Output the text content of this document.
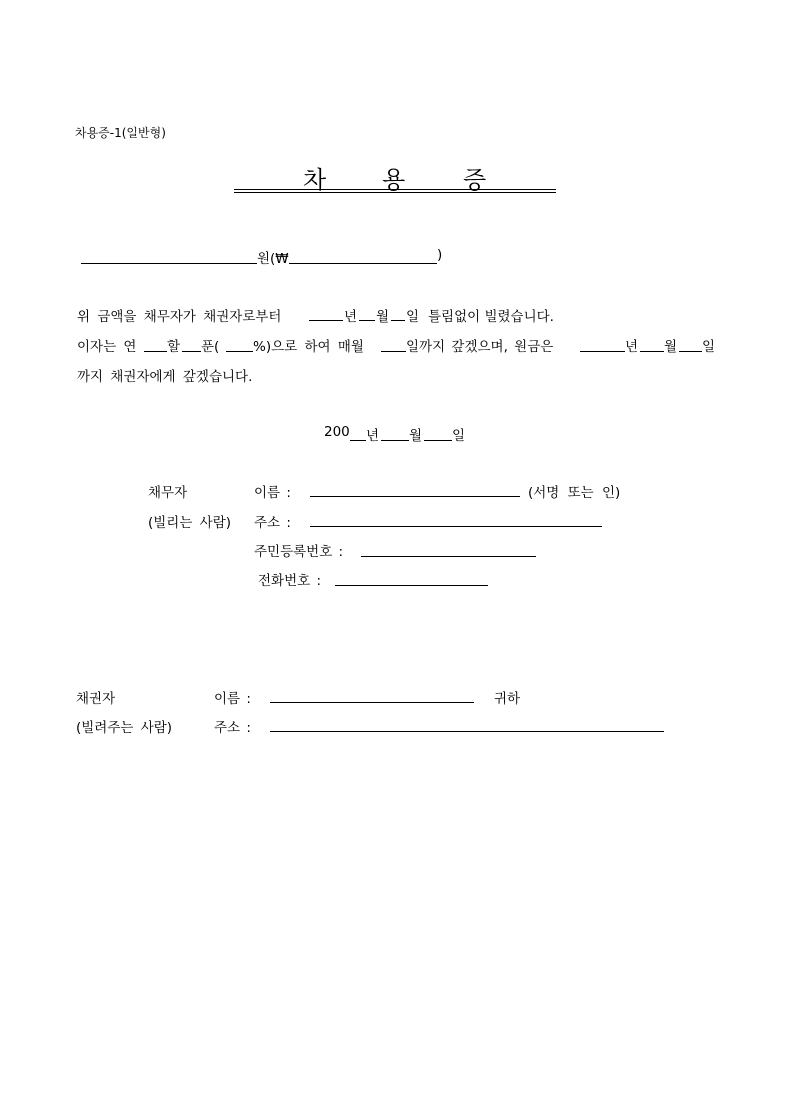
차용증-1(일반형)
차 용 증
원(₩	)
위 금액을 채무자가 채권자로부터	년 월 일 틀림없이 빌렸습니다.
이자는 연 할 푼( %)으로 하여 매월	일까지 갚겠으며, 원금은	년 월 일
까지 채권자에게 갚겠습니다.
200 년 월 일
채무자	이름 :	(서명 또는 인)
(빌리는 사람) 주소 :
주민등록번호 :
전화번호 :
채권자	이름 :	귀하
(빌려주는 사람)	주소 :
